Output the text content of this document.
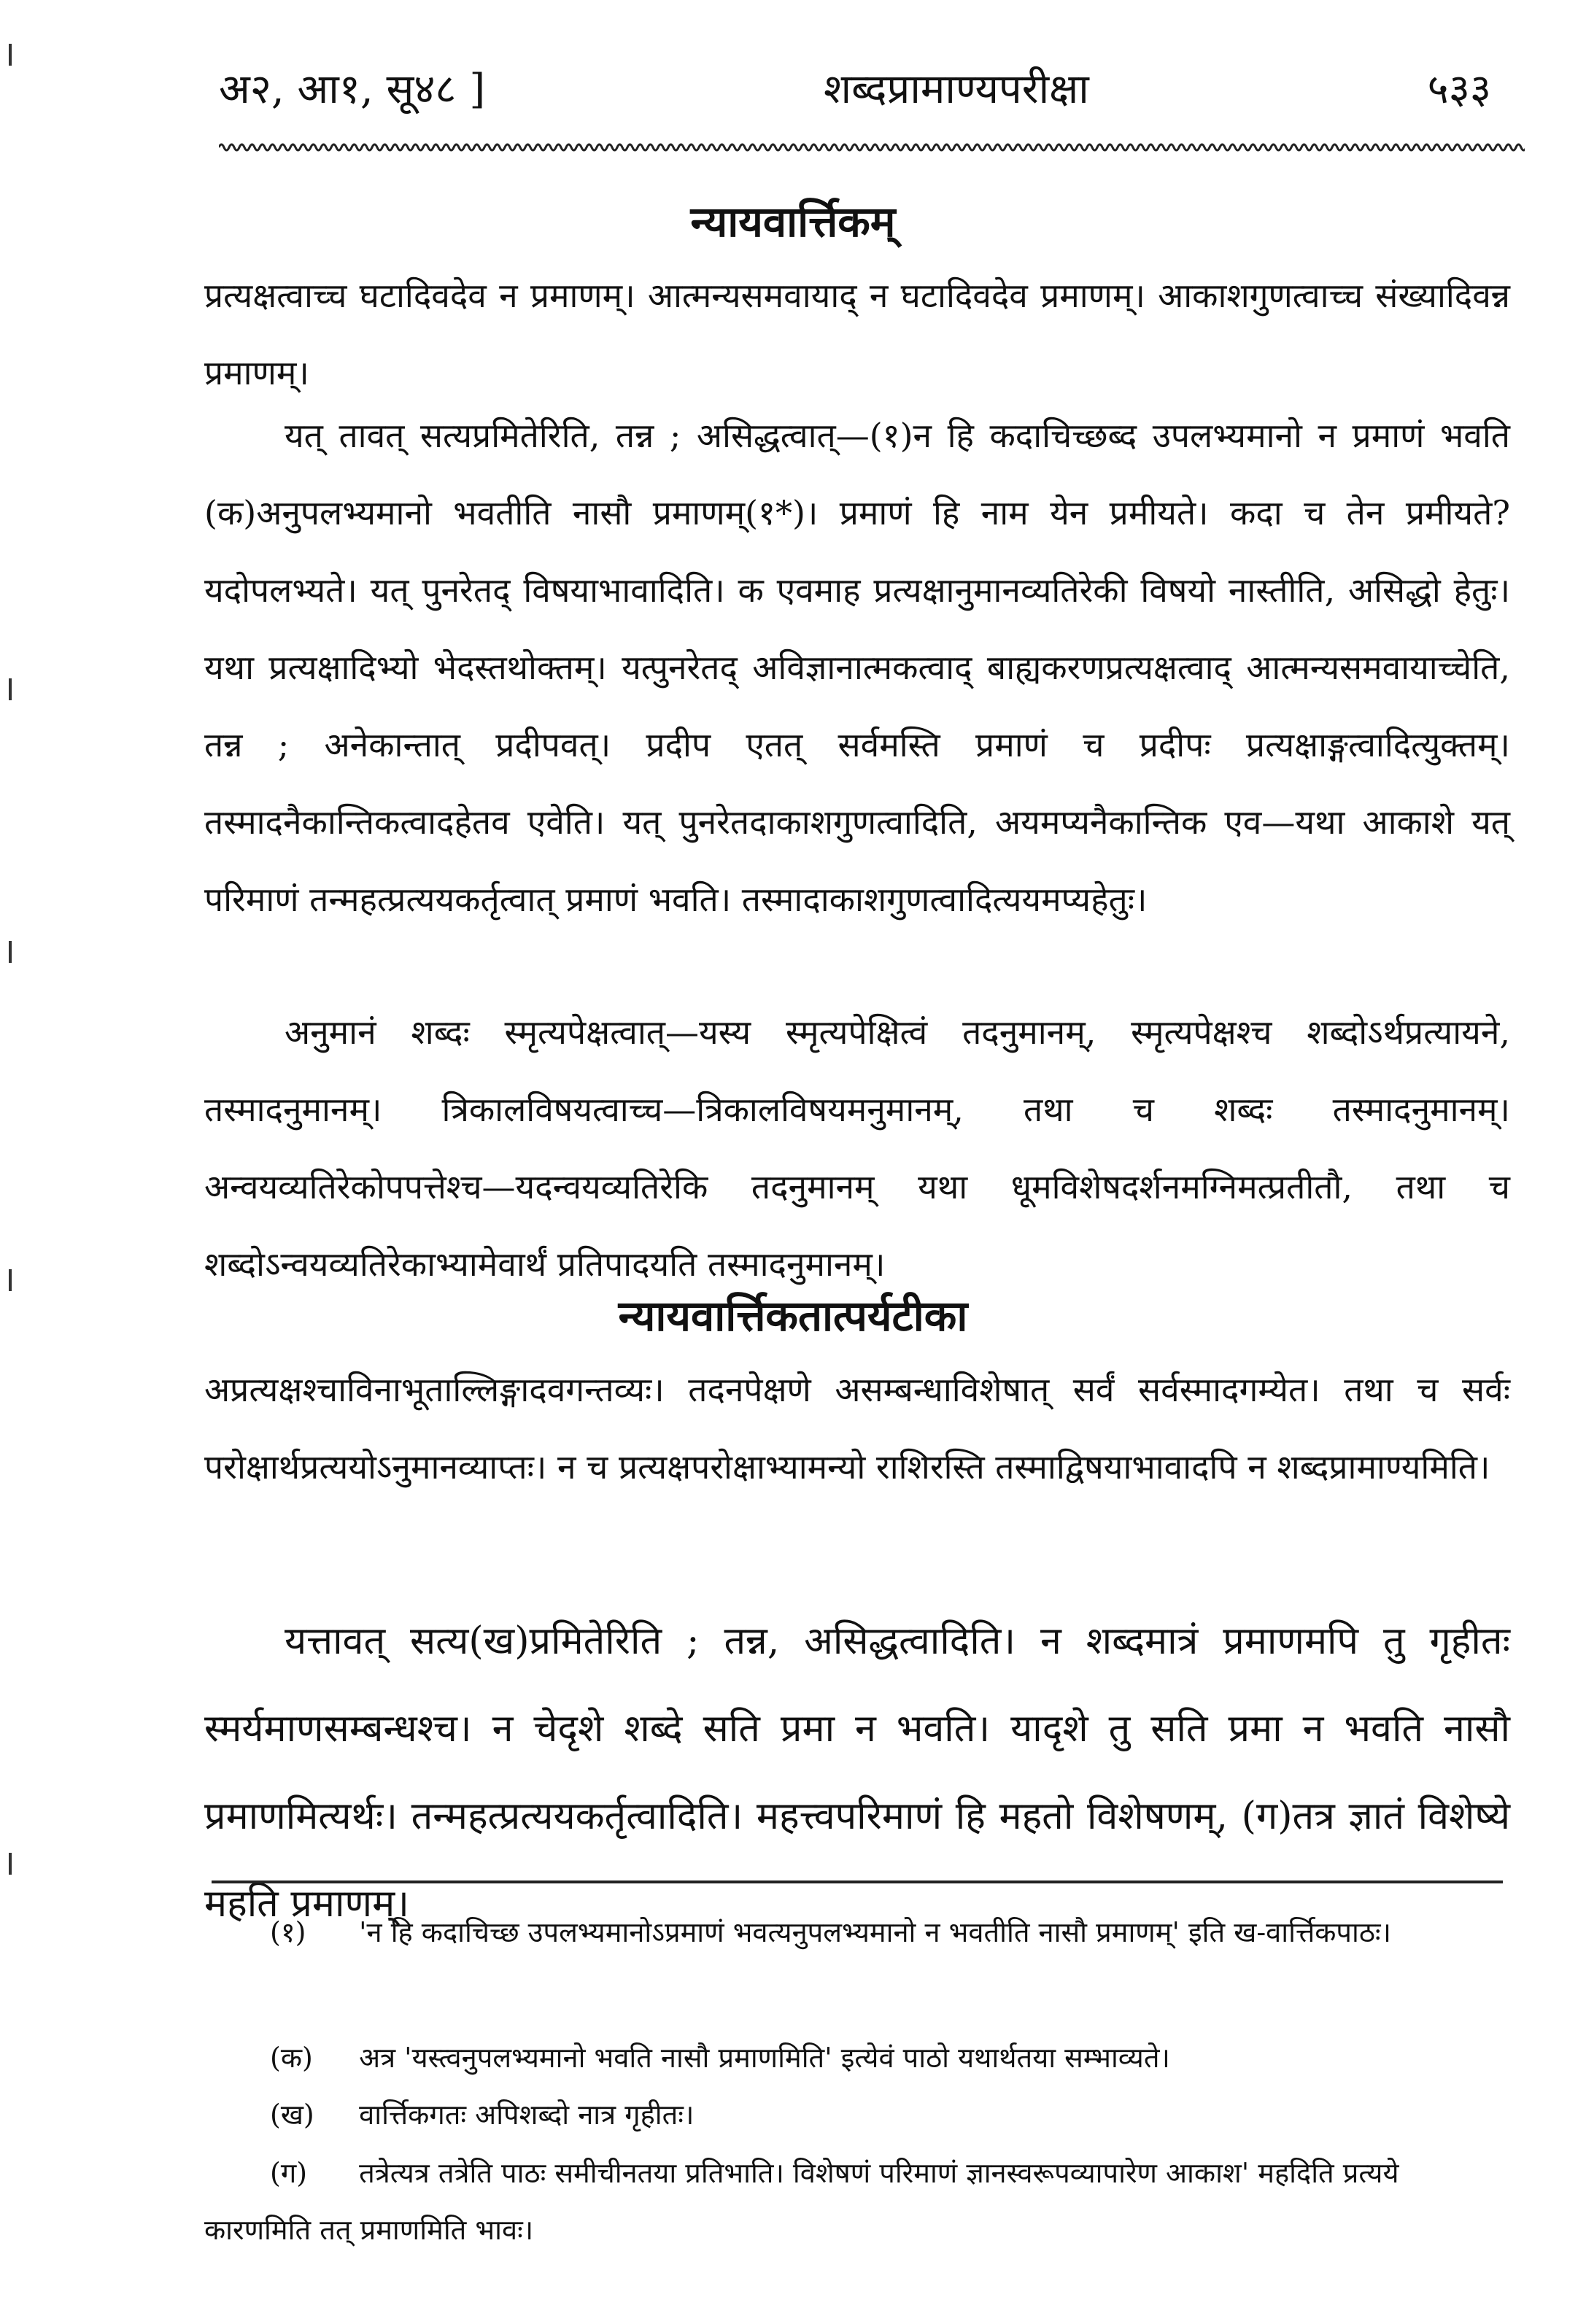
अ२, आ१, सू४८ ]	शब्दप्रामाण्यपरीक्षा	५३३
न्यायवार्त्तिकम्

प्रत्यक्षत्वाच्च घटादिवदेव न प्रमाणम्। आत्मन्यसमवायाद् न घटादिवदेव प्रमाणम्। आकाशगुणत्वाच्च संख्यादिवन्न प्रमाणम्।

यत् तावत् सत्यप्रमितेरिति, तन्न ; असिद्धत्वात्—(१)न हि कदाचिच्छब्द उपलभ्यमानो न प्रमाणं भवति (क)अनुपलभ्यमानो भवतीति नासौ प्रमाणम्(१*)। प्रमाणं हि नाम येन प्रमीयते। कदा च तेन प्रमीयते? यदोपलभ्यते। यत् पुनरेतद् विषयाभावादिति। क एवमाह प्रत्यक्षानुमानव्यतिरेकी विषयो नास्तीति, असिद्धो हेतुः। यथा प्रत्यक्षादिभ्यो भेदस्तथोक्तम्। यत्पुनरेतद् अविज्ञानात्मकत्वाद् बाह्यकरणप्रत्यक्षत्वाद् आत्मन्यसमवायाच्चेति, तन्न ; अनेकान्तात् प्रदीपवत्। प्रदीप एतत् सर्वमस्ति प्रमाणं च प्रदीपः प्रत्यक्षाङ्गत्वादित्युक्तम्। तस्मादनैकान्तिकत्वादहेतव एवेति। यत् पुनरेतदाकाशगुणत्वादिति, अयमप्यनैकान्तिक एव—यथा आकाशे यत् परिमाणं तन्महत्प्रत्ययकर्तृत्वात् प्रमाणं भवति। तस्मादाकाशगुणत्वादित्ययमप्यहेतुः।

अनुमानं शब्दः स्मृत्यपेक्षत्वात्—यस्य स्मृत्यपेक्षित्वं तदनुमानम्, स्मृत्यपेक्षश्च शब्दोऽर्थप्रत्यायने, तस्मादनुमानम्। त्रिकालविषयत्वाच्च—त्रिकालविषयमनुमानम्, तथा च शब्दः तस्मादनुमानम्। अन्वयव्यतिरेकोपपत्तेश्च—यदन्वयव्यतिरेकि तदनुमानम् यथा धूमविशेषदर्शनमग्निमत्प्रतीतौ, तथा च शब्दोऽन्वयव्यतिरेकाभ्यामेवार्थं प्रतिपादयति तस्मादनुमानम्।

न्यायवार्त्तिकतात्पर्यटीका

अप्रत्यक्षश्चाविनाभूताल्लिङ्गादवगन्तव्यः। तदनपेक्षणे असम्बन्धाविशेषात् सर्वं सर्वस्मादगम्येत। तथा च सर्वः परोक्षार्थप्रत्ययोऽनुमानव्याप्तः। न च प्रत्यक्षपरोक्षाभ्यामन्यो राशिरस्ति तस्माद्विषयाभावादपि न शब्दप्रामाण्यमिति।

यत्तावत् सत्य(ख)प्रमितेरिति ; तन्न, असिद्धत्वादिति। न शब्दमात्रं प्रमाणमपि तु गृहीतः स्मर्यमाणसम्बन्धश्च। न चेदृशे शब्दे सति प्रमा न भवति। यादृशे तु सति प्रमा न भवति नासौ प्रमाणमित्यर्थः। तन्महत्प्रत्ययकर्तृत्वादिति। महत्त्वपरिमाणं हि महतो विशेषणम्, (ग)तत्र ज्ञातं विशेष्ये महति प्रमाणम्।

(१) 'न हि कदाचिच्छ उपलभ्यमानोऽप्रमाणं भवत्यनुपलभ्यमानो न भवतीति नासौ प्रमाणम्' इति ख-वार्त्तिकपाठः।

(क) अत्र 'यस्त्वनुपलभ्यमानो भवति नासौ प्रमाणमिति' इत्येवं पाठो यथार्थतया सम्भाव्यते।

(ख) वार्त्तिकगतः अपिशब्दो नात्र गृहीतः।

(ग) तत्रेत्यत्र तत्रेति पाठः समीचीनतया प्रतिभाति। विशेषणं परिमाणं ज्ञानस्वरूपव्यापारेण आकाश' महदिति प्रत्यये कारणमिति तत् प्रमाणमिति भावः।
